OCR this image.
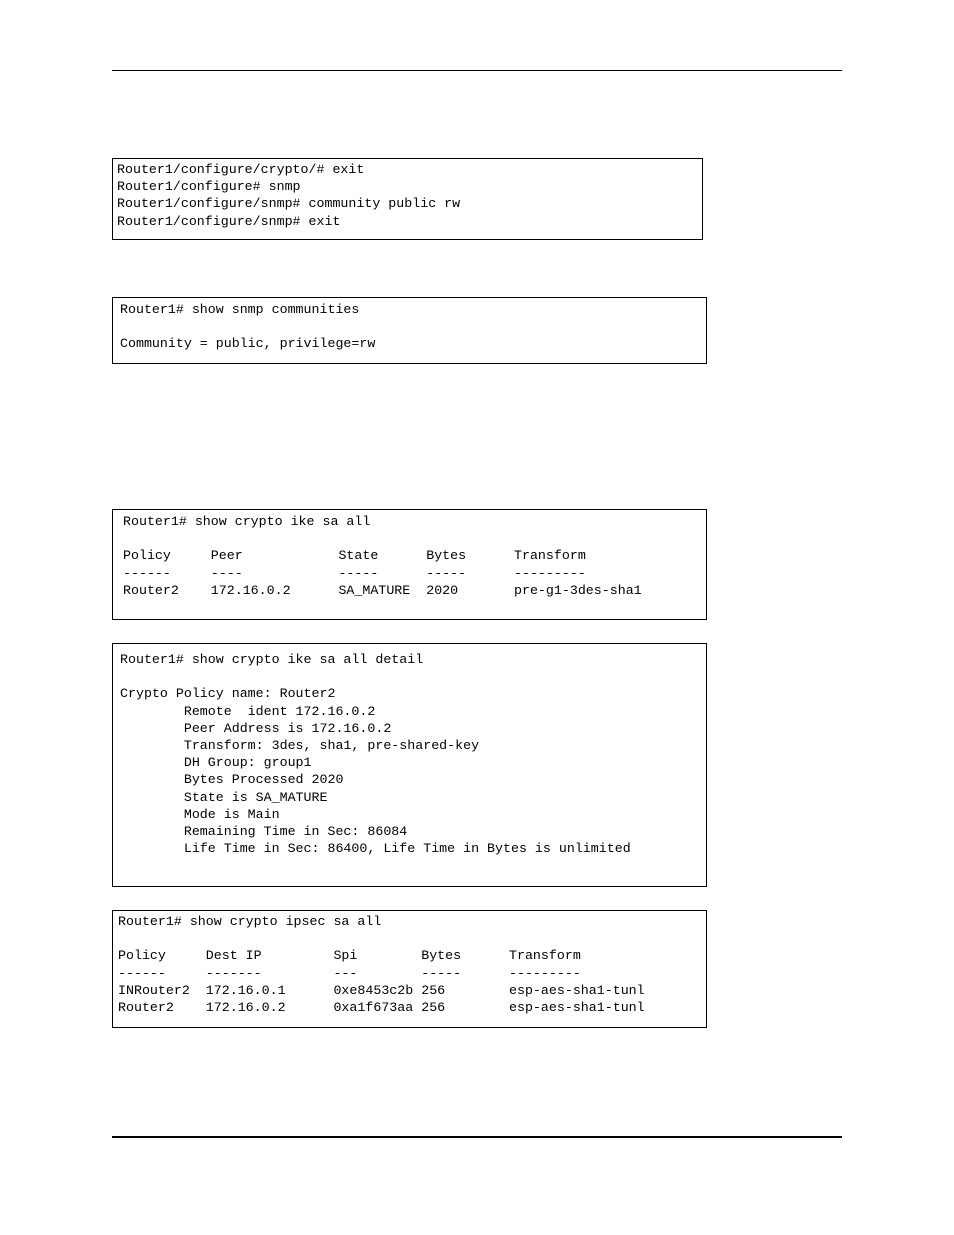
Router1/configure/crypto/# exit
Router1/configure# snmp
Router1/configure/snmp# community public rw
Router1/configure/snmp# exit
Router1# show snmp communities
Community = public, privilege=rw
Router1# show crypto ike sa all
Policy     Peer            State      Bytes      Transform
------     ----            -----      -----      ---------
Router2    172.16.0.2      SA_MATURE  2020       pre-g1-3des-sha1
Router1# show crypto ike sa all detail
Crypto Policy name: Router2
Remote  ident 172.16.0.2
Peer Address is 172.16.0.2
Transform: 3des, sha1, pre-shared-key
DH Group: group1
Bytes Processed 2020
State is SA_MATURE
Mode is Main
Remaining Time in Sec: 86084
Life Time in Sec: 86400, Life Time in Bytes is unlimited
Router1# show crypto ipsec sa all
Policy     Dest IP         Spi        Bytes      Transform
------     -------         ---        -----      ---------
INRouter2  172.16.0.1      0xe8453c2b 256        esp-aes-sha1-tunl
Router2    172.16.0.2      0xa1f673aa 256        esp-aes-sha1-tunl
